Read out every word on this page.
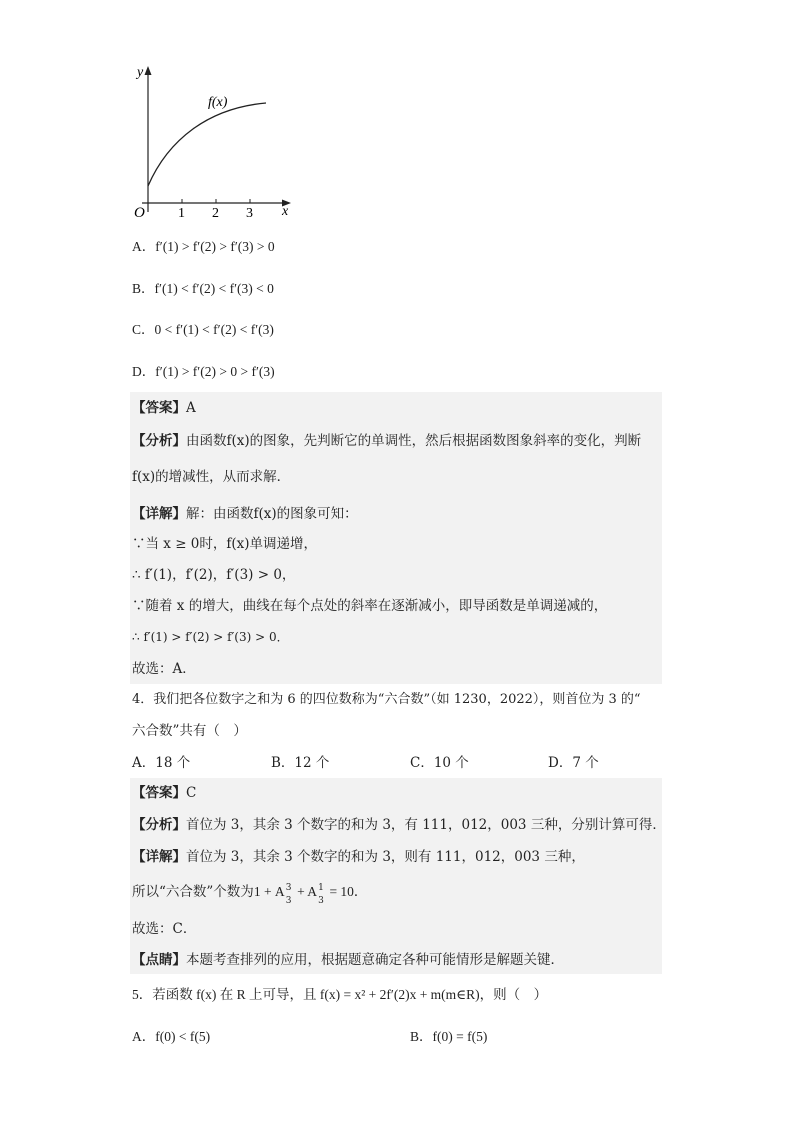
y
x
O
f(x)
1 2 3
A．f′(1) > f′(2) > f′(3) > 0
B．f′(1) < f′(2) < f′(3) < 0
C．0 < f′(1) < f′(2) < f′(3)
D．f′(1) > f′(2) > 0 > f′(3)
【答案】A
【分析】由函数f(x)的图象，先判断它的单调性，然后根据函数图象斜率的变化，判断
f(x)的增减性，从而求解．
【详解】解：由函数f(x)的图象可知：
∵当 x ≥ 0时，f(x)单调递增，
∴ f′(1)，f′(2)，f′(3) > 0，
∵随着 x 的增大，曲线在每个点处的斜率在逐渐减小，即导函数是单调递减的，
∴ f′(1) > f′(2) > f′(3) > 0．
故选：A．
4．我们把各位数字之和为 6 的四位数称为“六合数”（如 1230，2022），则首位为 3 的“
六合数”共有（　）
A．18 个	B．12 个	C．10 个	D．7 个
【答案】C
【分析】首位为 3，其余 3 个数字的和为 3，有 111，012，003 三种，分别计算可得．
【详解】首位为 3，其余 3 个数字的和为 3，则有 111，012，003 三种，
所以“六合数”个数为1 + A 3
3
+ A 1
3
= 10．
故选：C．
【点睛】本题考查排列的应用，根据题意确定各种可能情形是解题关键．
5．若函数 f(x) 在 R 上可导，且 f(x) = x² + 2f′(2)x + m(m∈R)，则（　）
A．f(0) < f(5)	B．f(0) = f(5)
